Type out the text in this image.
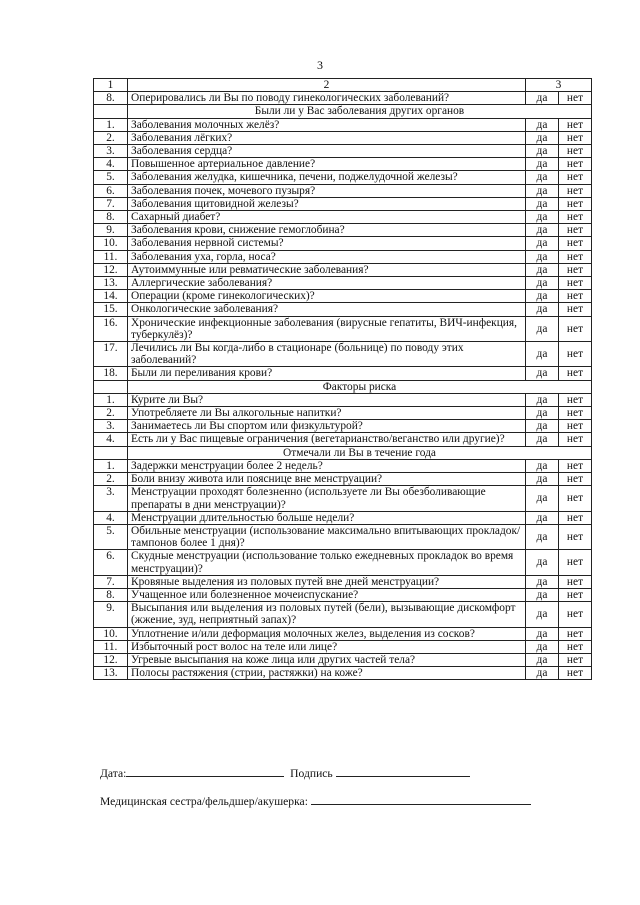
3
1	2	3	
8.	Оперировались ли Вы по поводу гинекологических заболеваний?	да	нет
	Были ли у Вас заболевания других органов		
1.	Заболевания молочных желёз?	да	нет
2.	Заболевания лёгких?	да	нет
3.	Заболевания сердца?	да	нет
4.	Повышенное артериальное давление?	да	нет
5.	Заболевания желудка, кишечника, печени, поджелудочной железы?	да	нет
6.	Заболевания почек, мочевого пузыря?	да	нет
7.	Заболевания щитовидной железы?	да	нет
8.	Сахарный диабет?	да	нет
9.	Заболевания крови, снижение гемоглобина?	да	нет
10.	Заболевания нервной системы?	да	нет
11.	Заболевания уха, горла, носа?	да	нет
12.	Аутоиммунные или ревматические заболевания?	да	нет
13.	Аллергические заболевания?	да	нет
14.	Операции (кроме гинекологических)?	да	нет
15.	Онкологические заболевания?	да	нет
16.	Хронические инфекционные заболевания (вирусные гепатиты, ВИЧ-инфекция, туберкулёз)?	да	нет
17.	Лечились ли Вы когда-либо в стационаре (больнице) по поводу этих заболеваний?	да	нет
18.	Были ли переливания крови?	да	нет
	Факторы риска		
1.	Курите ли Вы?	да	нет
2.	Употребляете ли Вы алкогольные напитки?	да	нет
3.	Занимаетесь ли Вы спортом или физкультурой?	да	нет
4.	Есть ли у Вас пищевые ограничения (вегетарианство/веганство или другие)?	да	нет
	Отмечали ли Вы в течение года		
1.	Задержки менструации более 2 недель?	да	нет
2.	Боли внизу живота или пояснице вне менструации?	да	нет
3.	Менструации проходят болезненно (используете ли Вы обезболивающие препараты в дни менструации)?	да	нет
4.	Менструации длительностью больше недели?	да	нет
5.	Обильные менструации (использование максимально впитывающих прокладок/тампонов более 1 дня)?	да	нет
6.	Скудные менструации (использование только ежедневных прокладок во время менструации)?	да	нет
7.	Кровяные выделения из половых путей вне дней менструации?	да	нет
8.	Учащенное или болезненное мочеиспускание?	да	нет
9.	Высыпания или выделения из половых путей (бели), вызывающие дискомфорт (жжение, зуд, неприятный запах)?	да	нет
10.	Уплотнение и/или деформация молочных желез, выделения из сосков?	да	нет
11.	Избыточный рост волос на теле или лице?	да	нет
12.	Угревые высыпания на коже лица или других частей тела?	да	нет
13.	Полосы растяжения (стрии, растяжки) на коже?	да	нет
Дата:	Подпись
Медицинская сестра/фельдшер/акушерка:
